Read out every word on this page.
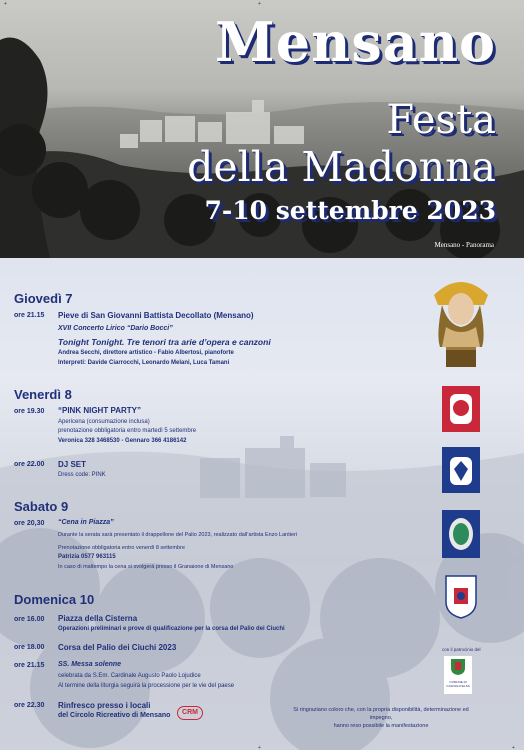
Mensano
Festa
della Madonna
7-10 settembre 2023
Mensano - Panorama
Giovedì 7
ore 21.15 Pieve di San Giovanni Battista Decollato (Mensano)
XVII Concerto Lirico “Dario Bocci”
Tonight Tonight. Tre tenori tra arie d’opera e canzoni
Andrea Secchi, direttore artistico - Fabio Albertosi, pianoforte
Interpreti: Davide Ciarrocchi, Leonardo Melani, Luca Tamani
Venerdì 8
ore 19.30 “PINK NIGHT PARTY”
Apericena (consumazione inclusa)
prenotazione obbligatoria entro martedì 5 settembre
Veronica 328 3468530 - Gennaro 366 4186142
ore 22.00 DJ SET
Dress code: PINK
Sabato 9
ore 20,30 “Cena in Piazza”
Durante la serata sarà presentato il drappellone del Palio 2023, realizzato dall’artista Enzo Lantieri
Prenotazione obbligatoria entro venerdì 8 settembre
Patrizia 0577 963115
In caso di maltempo la cena si svolgerà presso il Granaione di Mensano
Domenica 10
ore 16.00 Piazza della Cisterna
Operazioni preliminari e prove di qualificazione per la corsa del Palio dei Ciuchi
ore 18.00 Corsa del Palio dei Ciuchi 2023
ore 21.15 SS. Messa solenne
celebrata da S.Em. Cardinale Augusto Paolo Lojudice
Al termine della liturgia seguirà la processione per le vie del paese
ore 22.30 Rinfresco presso i locali
del Circolo Ricreativo di Mensano	CRM
con il patrocinio del
COMUNE DI CASOLE D'ELSA
Si ringraziano coloro che, con la propria disponibilità, determinazione ed impegno,
hanno reso possibile la manifestazione
+	+
+	+
